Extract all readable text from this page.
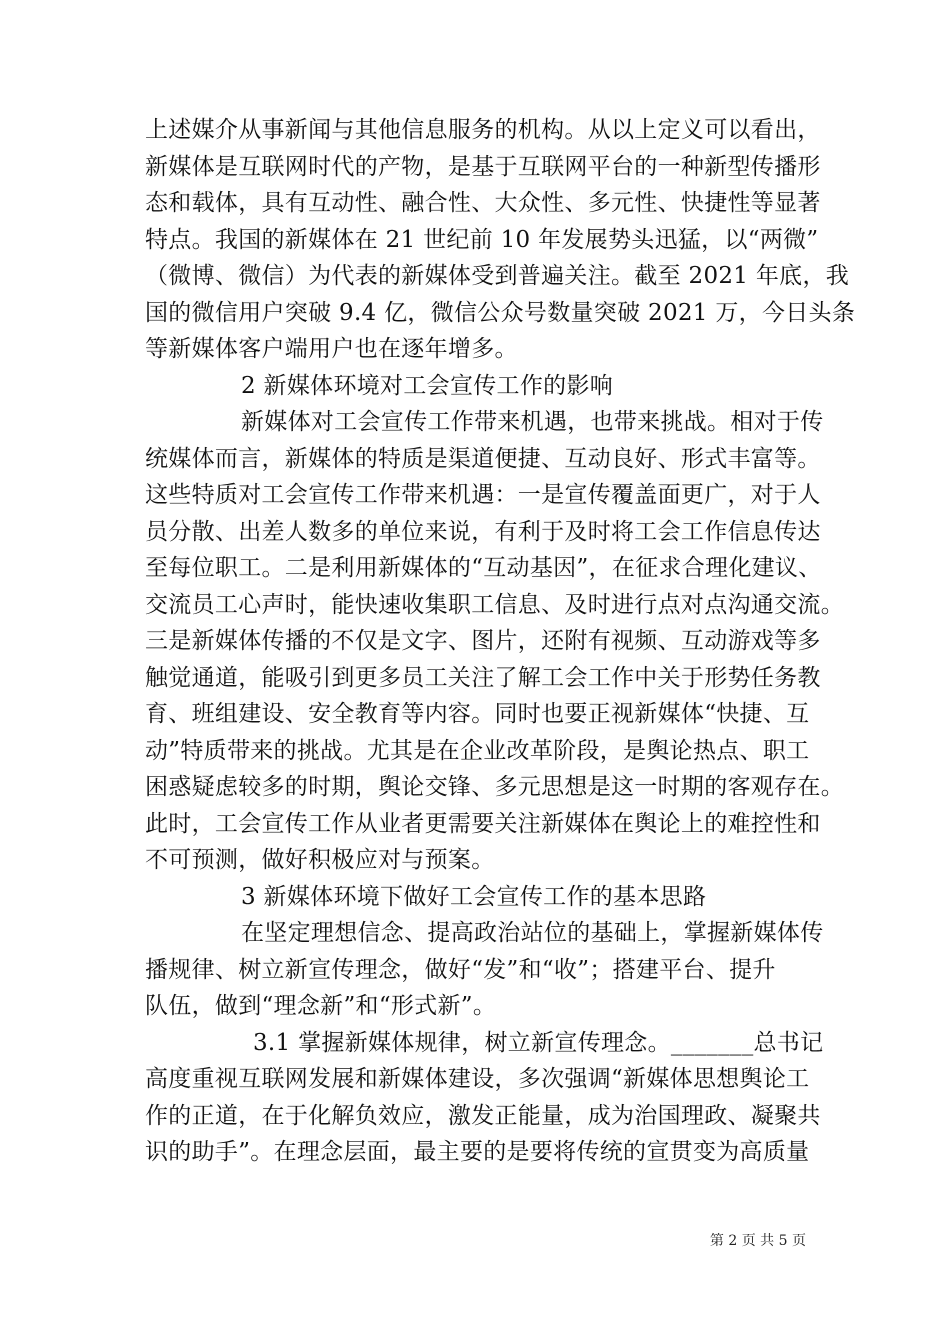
上述媒介从事新闻与其他信息服务的机构。从以上定义可以看出，
新媒体是互联网时代的产物，是基于互联网平台的一种新型传播形
态和载体，具有互动性、融合性、大众性、多元性、快捷性等显著
特点。我国的新媒体在 21 世纪前 10 年发展势头迅猛，以“两微”
（微博、微信）为代表的新媒体受到普遍关注。截至 2021 年底，我
国的微信用户突破 9.4 亿，微信公众号数量突破 2021 万，今日头条
等新媒体客户端用户也在逐年增多。
2 新媒体环境对工会宣传工作的影响
新媒体对工会宣传工作带来机遇，也带来挑战。相对于传
统媒体而言，新媒体的特质是渠道便捷、互动良好、形式丰富等。
这些特质对工会宣传工作带来机遇：一是宣传覆盖面更广，对于人
员分散、出差人数多的单位来说，有利于及时将工会工作信息传达
至每位职工。二是利用新媒体的“互动基因”，在征求合理化建议、
交流员工心声时，能快速收集职工信息、及时进行点对点沟通交流。
三是新媒体传播的不仅是文字、图片，还附有视频、互动游戏等多
触觉通道，能吸引到更多员工关注了解工会工作中关于形势任务教
育、班组建设、安全教育等内容。同时也要正视新媒体“快捷、互
动”特质带来的挑战。尤其是在企业改革阶段，是舆论热点、职工
困惑疑虑较多的时期，舆论交锋、多元思想是这一时期的客观存在。
此时，工会宣传工作从业者更需要关注新媒体在舆论上的难控性和
不可预测，做好积极应对与预案。
3 新媒体环境下做好工会宣传工作的基本思路
在坚定理想信念、提高政治站位的基础上，掌握新媒体传
播规律、树立新宣传理念，做好“发”和“收”；搭建平台、提升
队伍，做到“理念新”和“形式新”。
3.1 掌握新媒体规律，树立新宣传理念。_______总书记
高度重视互联网发展和新媒体建设，多次强调“新媒体思想舆论工
作的正道，在于化解负效应，激发正能量，成为治国理政、凝聚共
识的助手”。在理念层面，最主要的是要将传统的宣贯变为高质量
第 2 页 共 5 页
